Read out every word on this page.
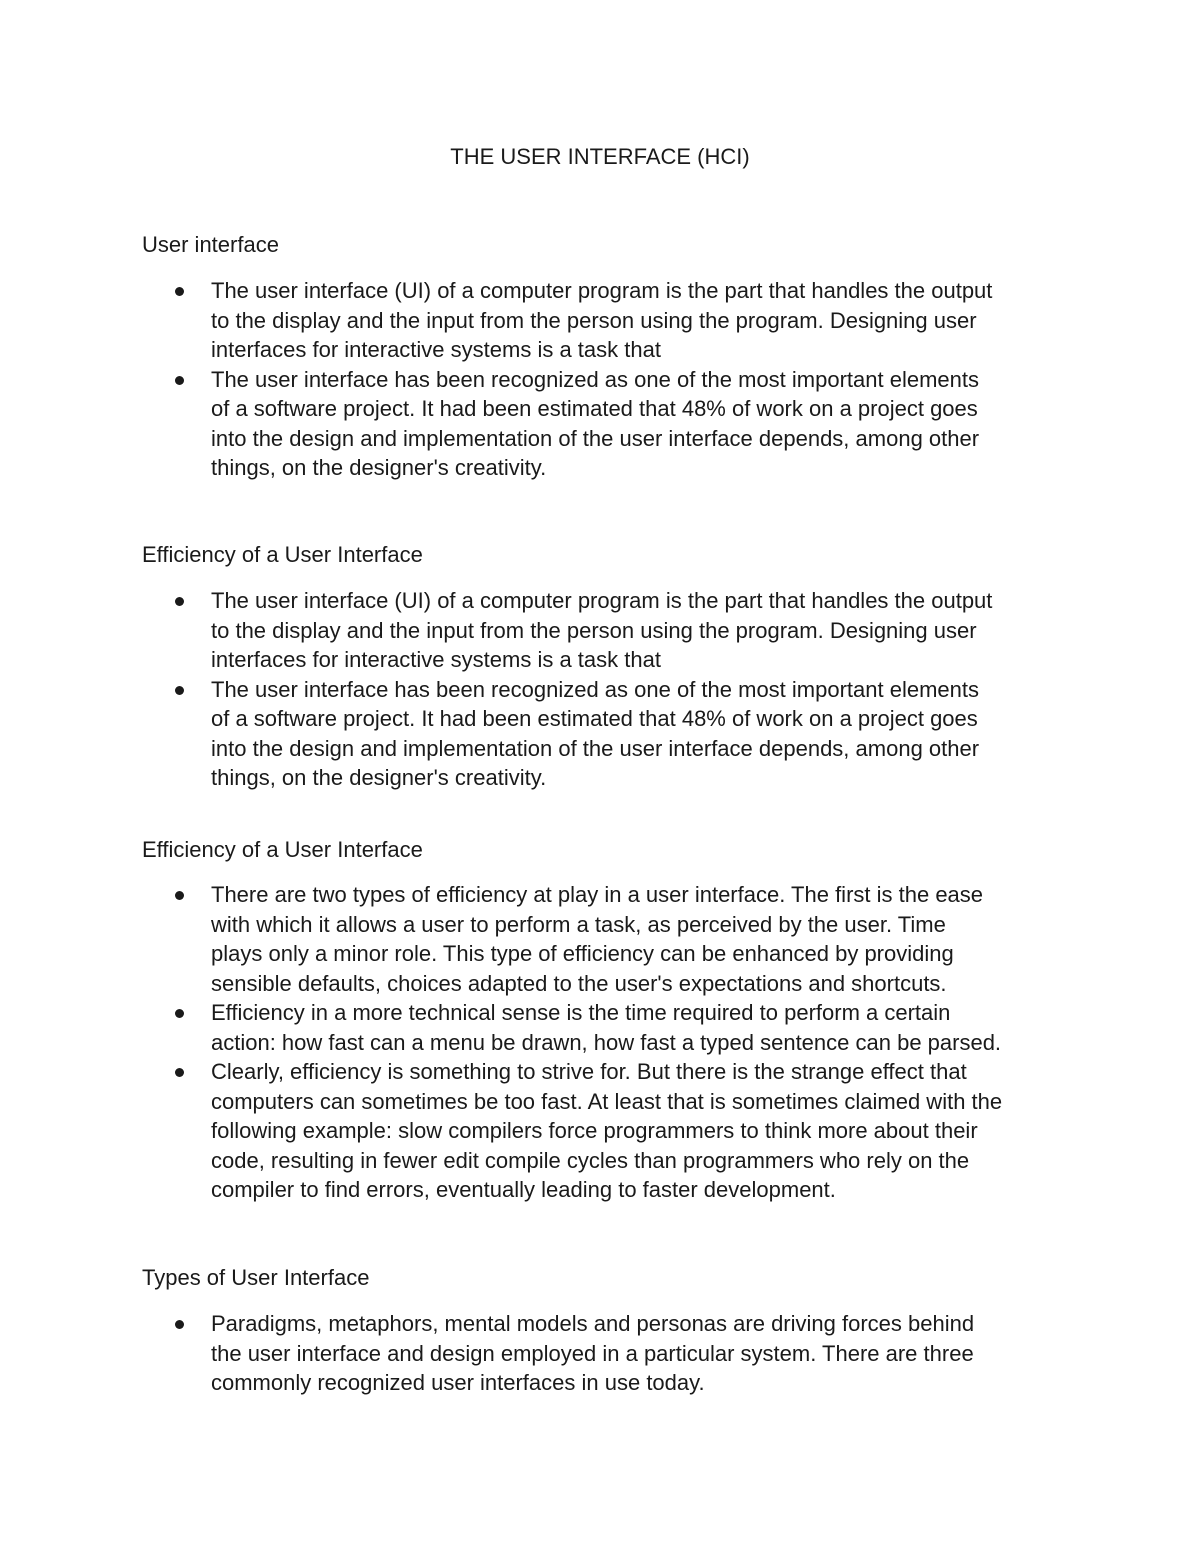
THE USER INTERFACE (HCI)
User interface
The user interface (UI) of a computer program is the part that handles the output
to the display and the input from the person using the program. Designing user
interfaces for interactive systems is a task that
The user interface has been recognized as one of the most important elements
of a software project. It had been estimated that 48% of work on a project goes
into the design and implementation of the user interface depends, among other
things, on the designer's creativity.
Efficiency of a User Interface
The user interface (UI) of a computer program is the part that handles the output
to the display and the input from the person using the program. Designing user
interfaces for interactive systems is a task that
The user interface has been recognized as one of the most important elements
of a software project. It had been estimated that 48% of work on a project goes
into the design and implementation of the user interface depends, among other
things, on the designer's creativity.
Efficiency of a User Interface
There are two types of efficiency at play in a user interface. The first is the ease
with which it allows a user to perform a task, as perceived by the user. Time
plays only a minor role. This type of efficiency can be enhanced by providing
sensible defaults, choices adapted to the user's expectations and shortcuts.
Efficiency in a more technical sense is the time required to perform a certain
action: how fast can a menu be drawn, how fast a typed sentence can be parsed.
Clearly, efficiency is something to strive for. But there is the strange effect that
computers can sometimes be too fast. At least that is sometimes claimed with the
following example: slow compilers force programmers to think more about their
code, resulting in fewer edit compile cycles than programmers who rely on the
compiler to find errors, eventually leading to faster development.
Types of User Interface
Paradigms, metaphors, mental models and personas are driving forces behind
the user interface and design employed in a particular system. There are three
commonly recognized user interfaces in use today.
